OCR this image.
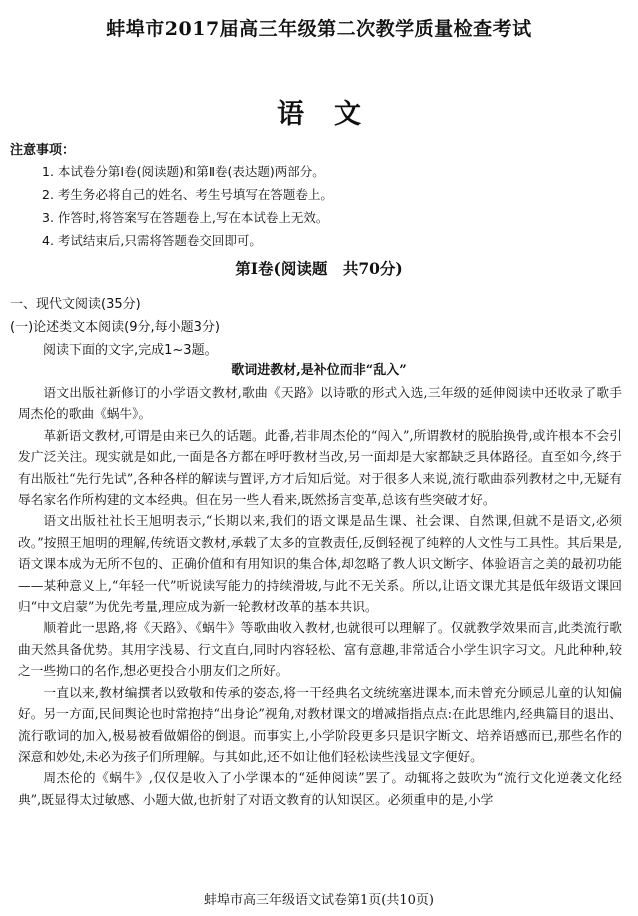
蚌埠市2017届高三年级第二次教学质量检查考试
语文
注意事项：
1. 本试卷分第Ⅰ卷(阅读题)和第Ⅱ卷(表达题)两部分。
2. 考生务必将自己的姓名、考生号填写在答题卷上。
3. 作答时,将答案写在答题卷上,写在本试卷上无效。
4. 考试结束后,只需将答题卷交回即可。
第Ⅰ卷(阅读题　共70分)
一、现代文阅读(35分)
(一)论述类文本阅读(9分,每小题3分)
阅读下面的文字,完成1~3题。
歌词进教材,是补位而非“乱入”

语文出版社新修订的小学语文教材,歌曲《天路》以诗歌的形式入选,三年级的延伸阅读中还收录了歌手周杰伦的歌曲《蜗牛》。

革新语文教材,可谓是由来已久的话题。此番,若非周杰伦的“闯入”,所谓教材的脱胎换骨,或许根本不会引发广泛关注。现实就是如此,一面是各方都在呼吁教材当改,另一面却是大家都缺乏具体路径。直至如今,终于有出版社“先行先试”,各种各样的解读与置评,方才后知后觉。对于很多人来说,流行歌曲忝列教材之中,无疑有辱名家名作所构建的文本经典。但在另一些人看来,既然扬言变革,总该有些突破才好。

语文出版社社长王旭明表示,“长期以来,我们的语文课是品生课、社会课、自然课,但就不是语文,必须改。”按照王旭明的理解,传统语文教材,承载了太多的宣教责任,反倒轻视了纯粹的人文性与工具性。其后果是,语文课本成为无所不包的、正确价值和有用知识的集合体,却忽略了教人识文断字、体验语言之美的最初功能——某种意义上,“年轻一代”听说读写能力的持续滑坡,与此不无关系。所以,让语文课尤其是低年级语文课回归“中文启蒙”为优先考量,理应成为新一轮教材改革的基本共识。

顺着此一思路,将《天路》、《蜗牛》等歌曲收入教材,也就很可以理解了。仅就教学效果而言,此类流行歌曲天然具备优势。其用字浅易、行文直白,同时内容轻松、富有意趣,非常适合小学生识字习文。凡此种种,较之一些拗口的名作,想必更投合小朋友们之所好。

一直以来,教材编撰者以致敬和传承的姿态,将一干经典名文统统塞进课本,而未曾充分顾忌儿童的认知偏好。另一方面,民间舆论也时常抱持“出身论”视角,对教材课文的增减指指点点:在此思维内,经典篇目的退出、流行歌词的加入,极易被看做媚俗的倒退。而事实上,小学阶段更多只是识字断文、培养语感而已,那些名作的深意和妙处,未必为孩子们所理解。与其如此,还不如让他们轻松读些浅显文字便好。

周杰伦的《蜗牛》,仅仅是收入了小学课本的“延伸阅读”罢了。动辄将之鼓吹为“流行文化逆袭文化经典”,既显得太过敏感、小题大做,也折射了对语文教育的认知误区。必须重申的是,小学

蚌埠市高三年级语文试卷第1页(共10页)
